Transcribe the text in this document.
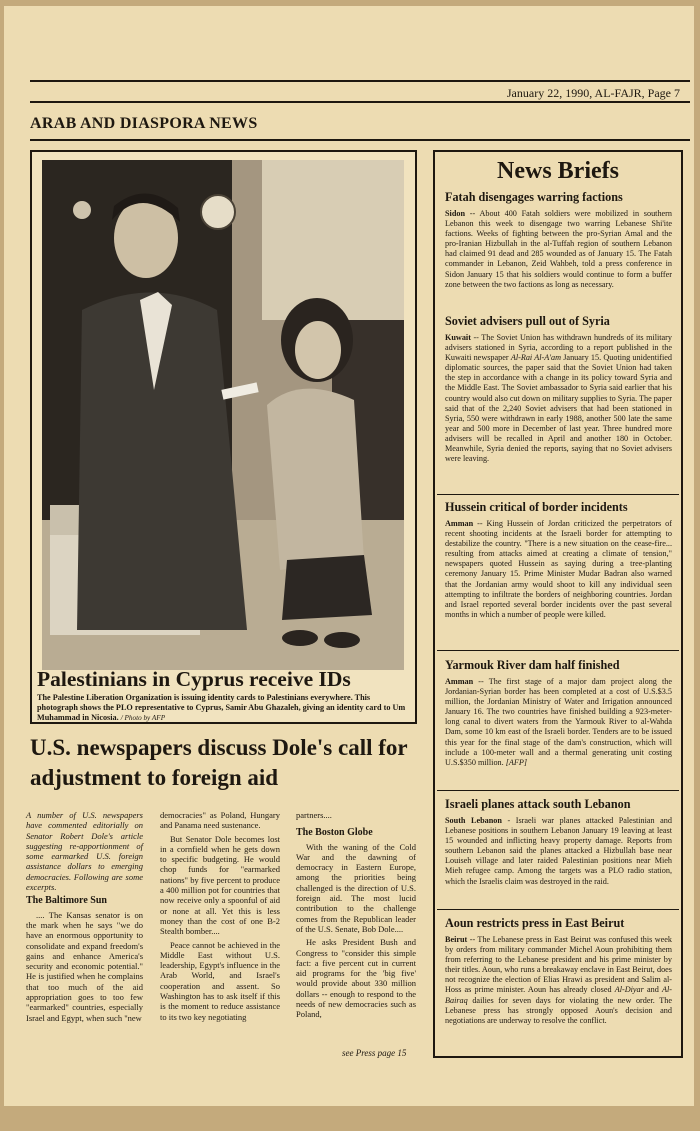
January 22, 1990, AL-FAJR, Page 7
ARAB AND DIASPORA NEWS
Palestinians in Cyprus receive IDs
The Palestine Liberation Organization is issuing identity cards to Palestinians everywhere. This photograph shows the PLO representative to Cyprus, Samir Abu Ghazaleh, giving an identity card to Um Muhammad in Nicosia. / Photo by AFP
U.S. newspapers discuss Dole's call for adjustment to foreign aid

A number of U.S. newspapers have commented editorially on Senator Robert Dole's article suggesting re-apportionment of some earmarked U.S. foreign assistance dollars to emerging democracies. Following are some excerpts.

The Baltimore Sun

.... The Kansas senator is on the mark when he says "we do have an enormous opportunity to consolidate and expand freedom's gains and enhance America's security and economic potential." He is justified when he complains that too much of the aid appropriation goes to too few "earmarked" countries, especially Israel and Egypt, when such "new

democracies" as Poland, Hungary and Panama need sustenance.

But Senator Dole becomes lost in a cornfield when he gets down to specific budgeting. He would chop funds for "earmarked nations" by five percent to produce a 400 million pot for countries that now receive only a spoonful of aid or none at all. Yet this is less money than the cost of one B-2 Stealth bomber....

Peace cannot be achieved in the Middle East without U.S. leadership, Egypt's influence in the Arab World, and Israel's cooperation and assent. So Washington has to ask itself if this is the moment to reduce assistance to its two key negotiating

partners....

The Boston Globe

With the waning of the Cold War and the dawning of democracy in Eastern Europe, among the priorities being challenged is the direction of U.S. foreign aid. The most lucid contribution to the challenge comes from the Republican leader of the U.S. Senate, Bob Dole....

He asks President Bush and Congress to "consider this simple fact: a five percent cut in current aid programs for the 'big five' would provide about 330 million dollars -- enough to respond to the needs of new democracies such as Poland,

see Press page 15
News Briefs
Fatah disengages warring factions

Sidon -- About 400 Fatah soldiers were mobilized in southern Lebanon this week to disengage two warring Lebanese Shi'ite factions. Weeks of fighting between the pro-Syrian Amal and the pro-Iranian Hizbullah in the al-Tuffah region of southern Lebanon had claimed 91 dead and 285 wounded as of January 15. The Fatah commander in Lebanon, Zeid Wahbeh, told a press conference in Sidon January 15 that his soldiers would continue to form a buffer zone between the two factions as long as necessary.

Soviet advisers pull out of Syria

Kuwait -- The Soviet Union has withdrawn hundreds of its military advisers stationed in Syria, according to a report published in the Kuwaiti newspaper Al-Rai Al-A'am January 15. Quoting unidentified diplomatic sources, the paper said that the Soviet Union had taken the step in accordance with a change in its policy toward Syria and the Middle East. The Soviet ambassador to Syria said earlier that his country would also cut down on military supplies to Syria. The paper said that of the 2,240 Soviet advisers that had been stationed in Syria, 550 were withdrawn in early 1988, another 500 late the same year and 500 more in December of last year. Three hundred more advisers will be recalled in April and another 180 in October. Meanwhile, Syria denied the reports, saying that no Soviet advisers were leaving.

Hussein critical of border incidents

Amman -- King Hussein of Jordan criticized the perpetrators of recent shooting incidents at the Israeli border for attempting to destabilize the country. "There is a new situation on the cease-fire... resulting from attacks aimed at creating a climate of tension," newspapers quoted Hussein as saying during a tree-planting ceremony January 15. Prime Minister Mudar Badran also warned that the Jordanian army would shoot to kill any individual seen attempting to infiltrate the borders of neighboring countries. Jordan and Israel reported several border incidents over the past several months in which a number of people were killed.

Yarmouk River dam half finished

Amman -- The first stage of a major dam project along the Jordanian-Syrian border has been completed at a cost of U.S.$3.5 million, the Jordanian Ministry of Water and Irrigation announced January 16. The two countries have finished building a 923-meter-long canal to divert waters from the Yarmouk River to al-Wahda Dam, some 10 km east of the Israeli border. Tenders are to be issued this year for the final stage of the dam's construction, which will include a 100-meter wall and a thermal generating unit costing U.S.$350 million. [AFP]

Israeli planes attack south Lebanon

South Lebanon - Israeli war planes attacked Palestinian and Lebanese positions in southern Lebanon January 19 leaving at least 15 wounded and inflicting heavy property damage. Reports from southern Lebanon said the planes attacked a Hizbullah base near Louiseh village and later raided Palestinian positions near Mieh Mieh refugee camp. Among the targets was a PLO radio station, which the Israelis claim was destroyed in the raid.

Aoun restricts press in East Beirut

Beirut -- The Lebanese press in East Beirut was confused this week by orders from military commander Michel Aoun prohibiting them from referring to the Lebanese president and his prime minister by their titles. Aoun, who runs a breakaway enclave in East Beirut, does not recognize the election of Elias Hrawi as president and Salim al-Hoss as prime minister. Aoun has already closed Al-Diyar and Al-Bairaq dailies for seven days for violating the new order. The Lebanese press has strongly opposed Aoun's decision and negotiations are underway to resolve the conflict.
